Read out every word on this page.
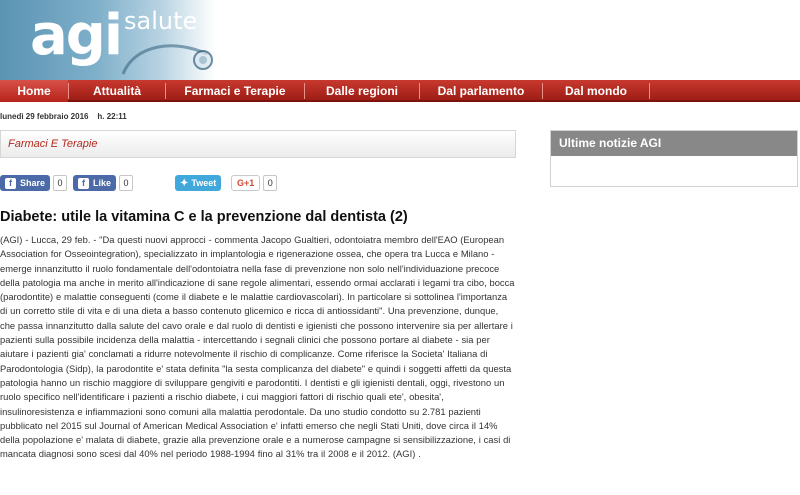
agi salute
Home	Attualità	Farmaci e Terapie	Dalle regioni	Dal parlamento	Dal mondo
lunedì 29 febbraio 2016    h. 22:11
Farmaci E Terapie
f Share	0	f Like	0	✦ Tweet	G+1	0
Diabete: utile la vitamina C e la prevenzione dal dentista (2)
(AGI) - Lucca, 29 feb. - "Da questi nuovi approcci - commenta Jacopo Gualtieri, odontoiatra membro dell'EAO (European Association for Osseointegration), specializzato in implantologia e rigenerazione ossea, che opera tra Lucca e Milano - emerge innanzitutto il ruolo fondamentale dell'odontoiatra nella fase di prevenzione non solo nell'individuazione precoce della patologia ma anche in merito all'indicazione di sane regole alimentari, essendo ormai acclarati i legami tra cibo, bocca (parodontite) e malattie conseguenti (come il diabete e le malattie cardiovascolari). In particolare si sottolinea l'importanza di un corretto stile di vita e di una dieta a basso contenuto glicemico e ricca di antiossidanti". Una prevenzione, dunque, che passa innanzitutto dalla salute del cavo orale e dal ruolo di dentisti e igienisti che possono intervenire sia per allertare i pazienti sulla possibile incidenza della malattia - intercettando i segnali clinici che possono portare al diabete - sia per aiutare i pazienti gia' conclamati a ridurre notevolmente il rischio di complicanze. Come riferisce la Societa' Italiana di Parodontologia (Sidp), la parodontite e' stata definita "la sesta complicanza del diabete" e quindi i soggetti affetti da questa patologia hanno un rischio maggiore di sviluppare gengiviti e parodontiti. I dentisti e gli igienisti dentali, oggi, rivestono un ruolo specifico nell'identificare i pazienti a rischio diabete, i cui maggiori fattori di rischio quali ete', obesita', insulinoresistenza e infiammazioni sono comuni alla malattia perodontale. Da uno studio condotto su 2.781 pazienti pubblicato nel 2015 sul Journal of American Medical Association e' infatti emerso che negli Stati Uniti, dove circa il 14% della popolazione e' malata di diabete, grazie alla prevenzione orale e a numerose campagne si sensibilizzazione, i casi di mancata diagnosi sono scesi dal 40% nel periodo 1988-1994 fino al 31% tra il 2008 e il 2012. (AGI) .
Ultime notizie AGI
